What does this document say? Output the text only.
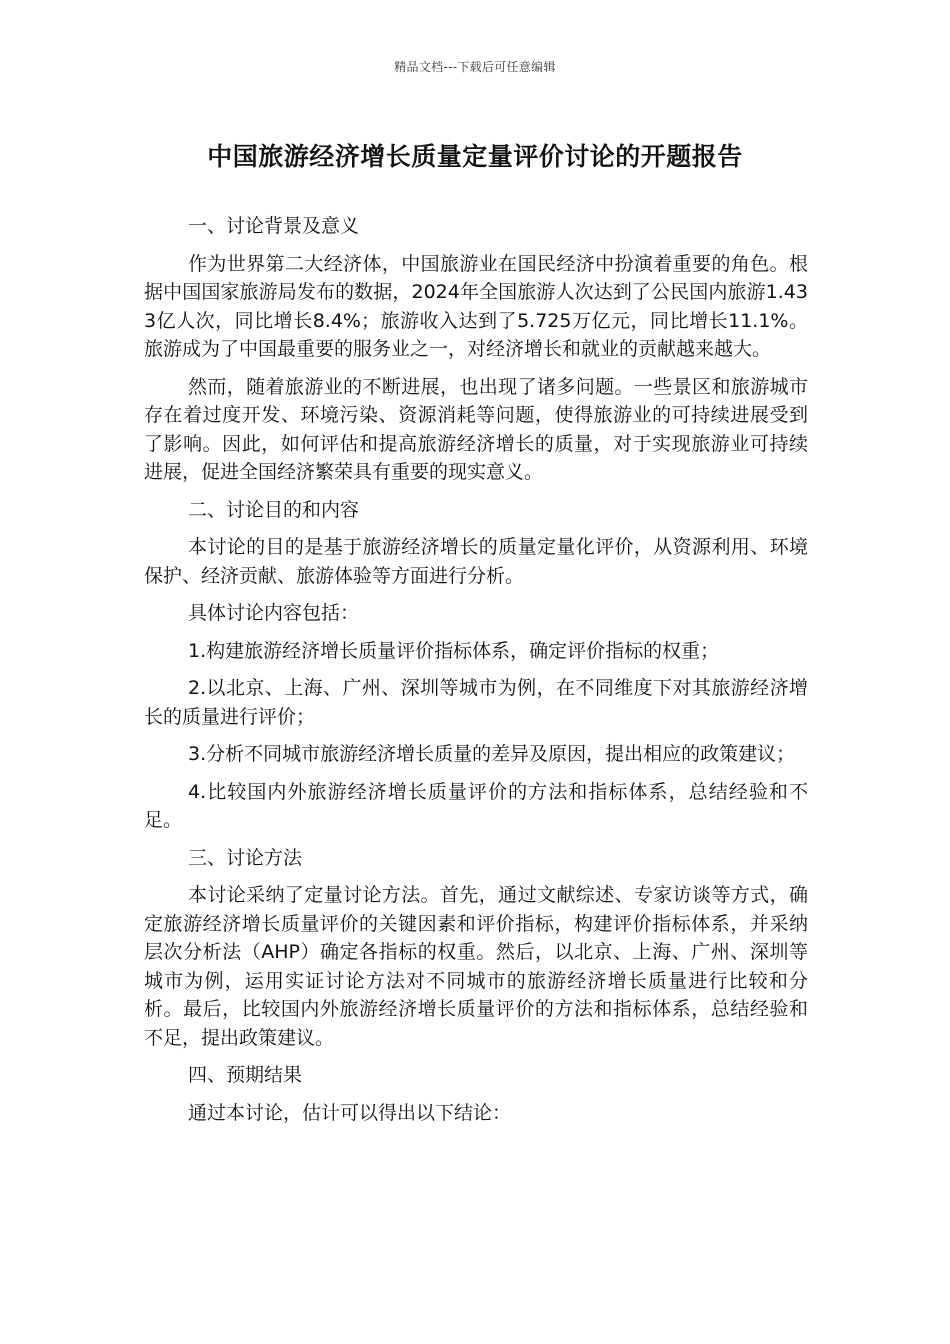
精品文档---下载后可任意编辑
中国旅游经济增长质量定量评价讨论的开题报告

一、讨论背景及意义

作为世界第二大经济体，中国旅游业在国民经济中扮演着重要的角色。根据中国国家旅游局发布的数据，2024年全国旅游人次达到了公民国内旅游1.433亿人次，同比增长8.4%；旅游收入达到了5.725万亿元，同比增长11.1%。旅游成为了中国最重要的服务业之一，对经济增长和就业的贡献越来越大。

然而，随着旅游业的不断进展，也出现了诸多问题。一些景区和旅游城市存在着过度开发、环境污染、资源消耗等问题，使得旅游业的可持续进展受到了影响。因此，如何评估和提高旅游经济增长的质量，对于实现旅游业可持续进展，促进全国经济繁荣具有重要的现实意义。

二、讨论目的和内容

本讨论的目的是基于旅游经济增长的质量定量化评价，从资源利用、环境保护、经济贡献、旅游体验等方面进行分析。

具体讨论内容包括：

1.构建旅游经济增长质量评价指标体系，确定评价指标的权重；

2.以北京、上海、广州、深圳等城市为例，在不同维度下对其旅游经济增长的质量进行评价；

3.分析不同城市旅游经济增长质量的差异及原因，提出相应的政策建议；

4.比较国内外旅游经济增长质量评价的方法和指标体系，总结经验和不足。

三、讨论方法

本讨论采纳了定量讨论方法。首先，通过文献综述、专家访谈等方式，确定旅游经济增长质量评价的关键因素和评价指标，构建评价指标体系，并采纳层次分析法（AHP）确定各指标的权重。然后，以北京、上海、广州、深圳等城市为例，运用实证讨论方法对不同城市的旅游经济增长质量进行比较和分析。最后，比较国内外旅游经济增长质量评价的方法和指标体系，总结经验和不足，提出政策建议。

四、预期结果

通过本讨论，估计可以得出以下结论：
